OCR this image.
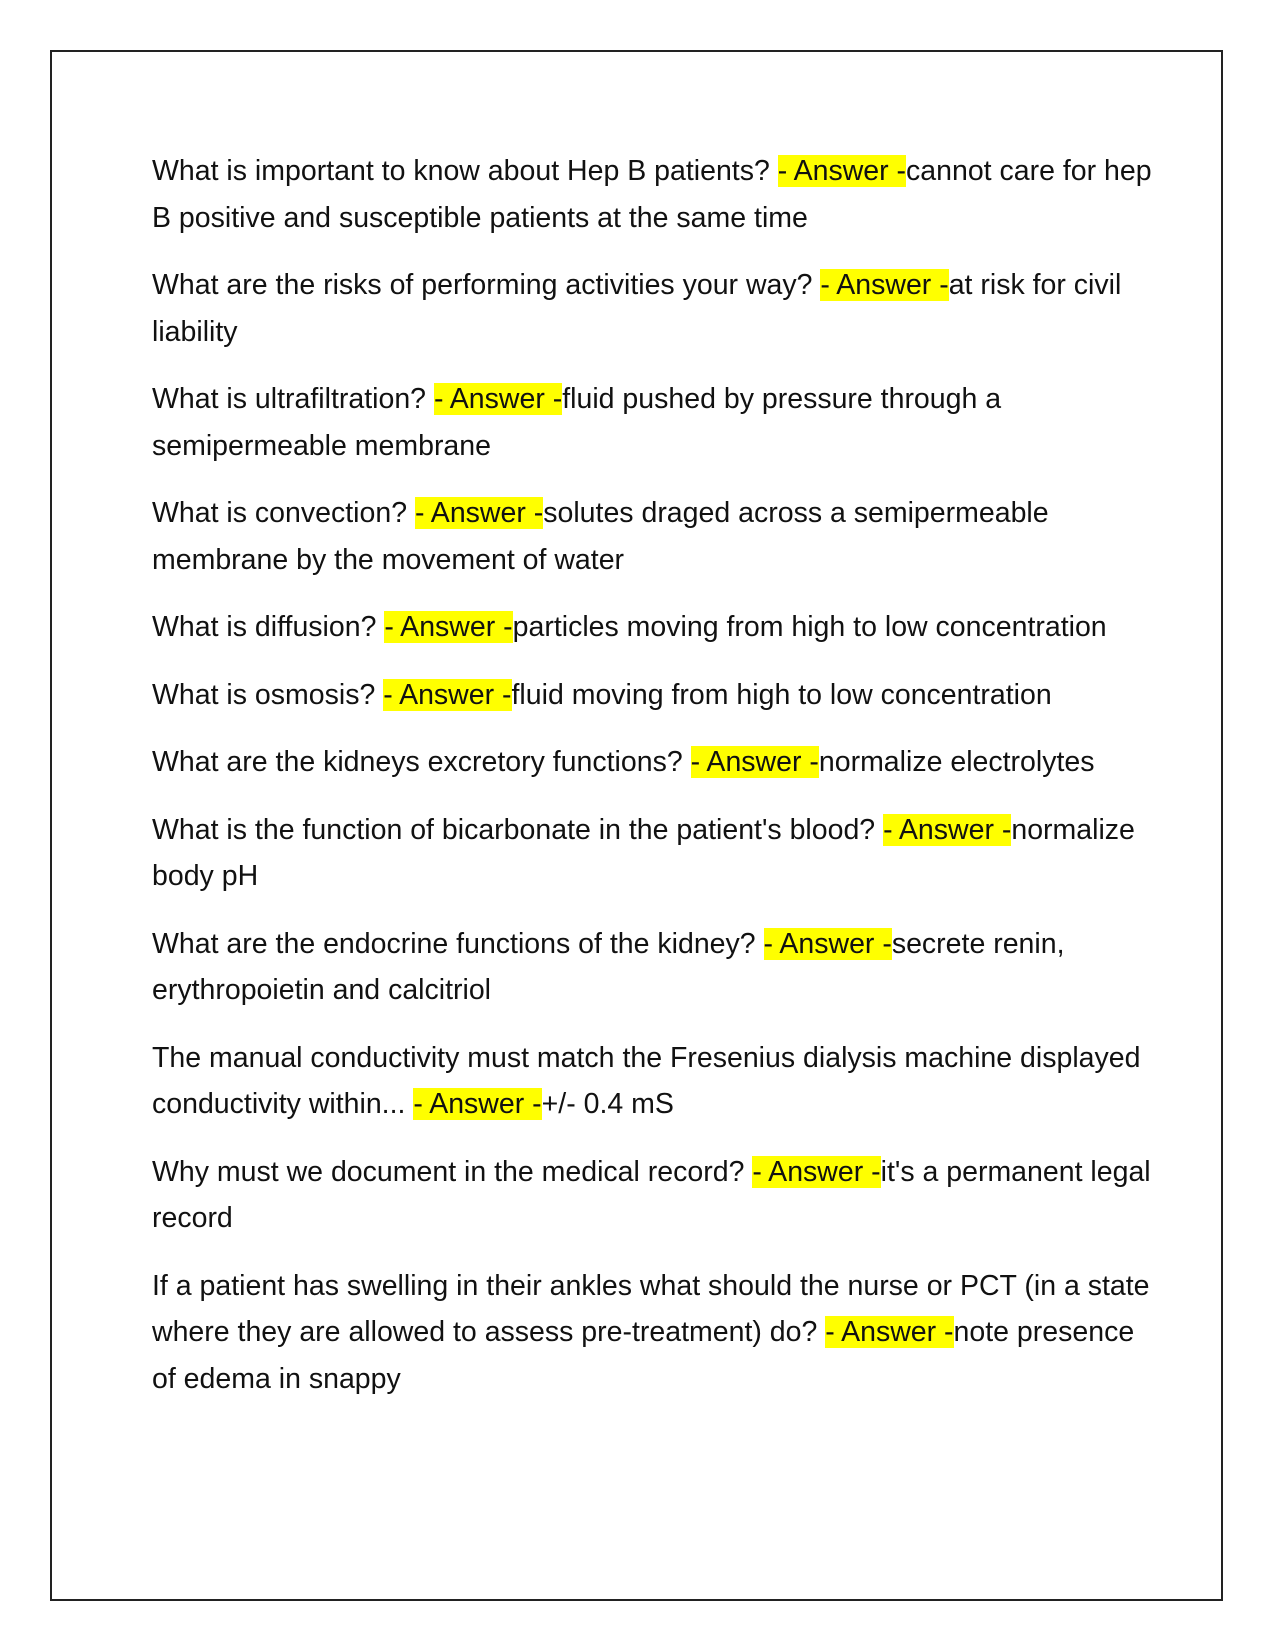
What is important to know about Hep B patients? - Answer -cannot care for hep B positive and susceptible patients at the same time

What are the risks of performing activities your way? - Answer -at risk for civil liability

What is ultrafiltration? - Answer -fluid pushed by pressure through a semipermeable membrane

What is convection? - Answer -solutes draged across a semipermeable membrane by the movement of water

What is diffusion? - Answer -particles moving from high to low concentration

What is osmosis? - Answer -fluid moving from high to low concentration

What are the kidneys excretory functions? - Answer -normalize electrolytes

What is the function of bicarbonate in the patient's blood? - Answer -normalize body pH

What are the endocrine functions of the kidney? - Answer -secrete renin, erythropoietin and calcitriol

The manual conductivity must match the Fresenius dialysis machine displayed conductivity within... - Answer -+/- 0.4 mS

Why must we document in the medical record? - Answer -it's a permanent legal record

If a patient has swelling in their ankles what should the nurse or PCT (in a state where they are allowed to assess pre-treatment) do? - Answer -note presence of edema in snappy
